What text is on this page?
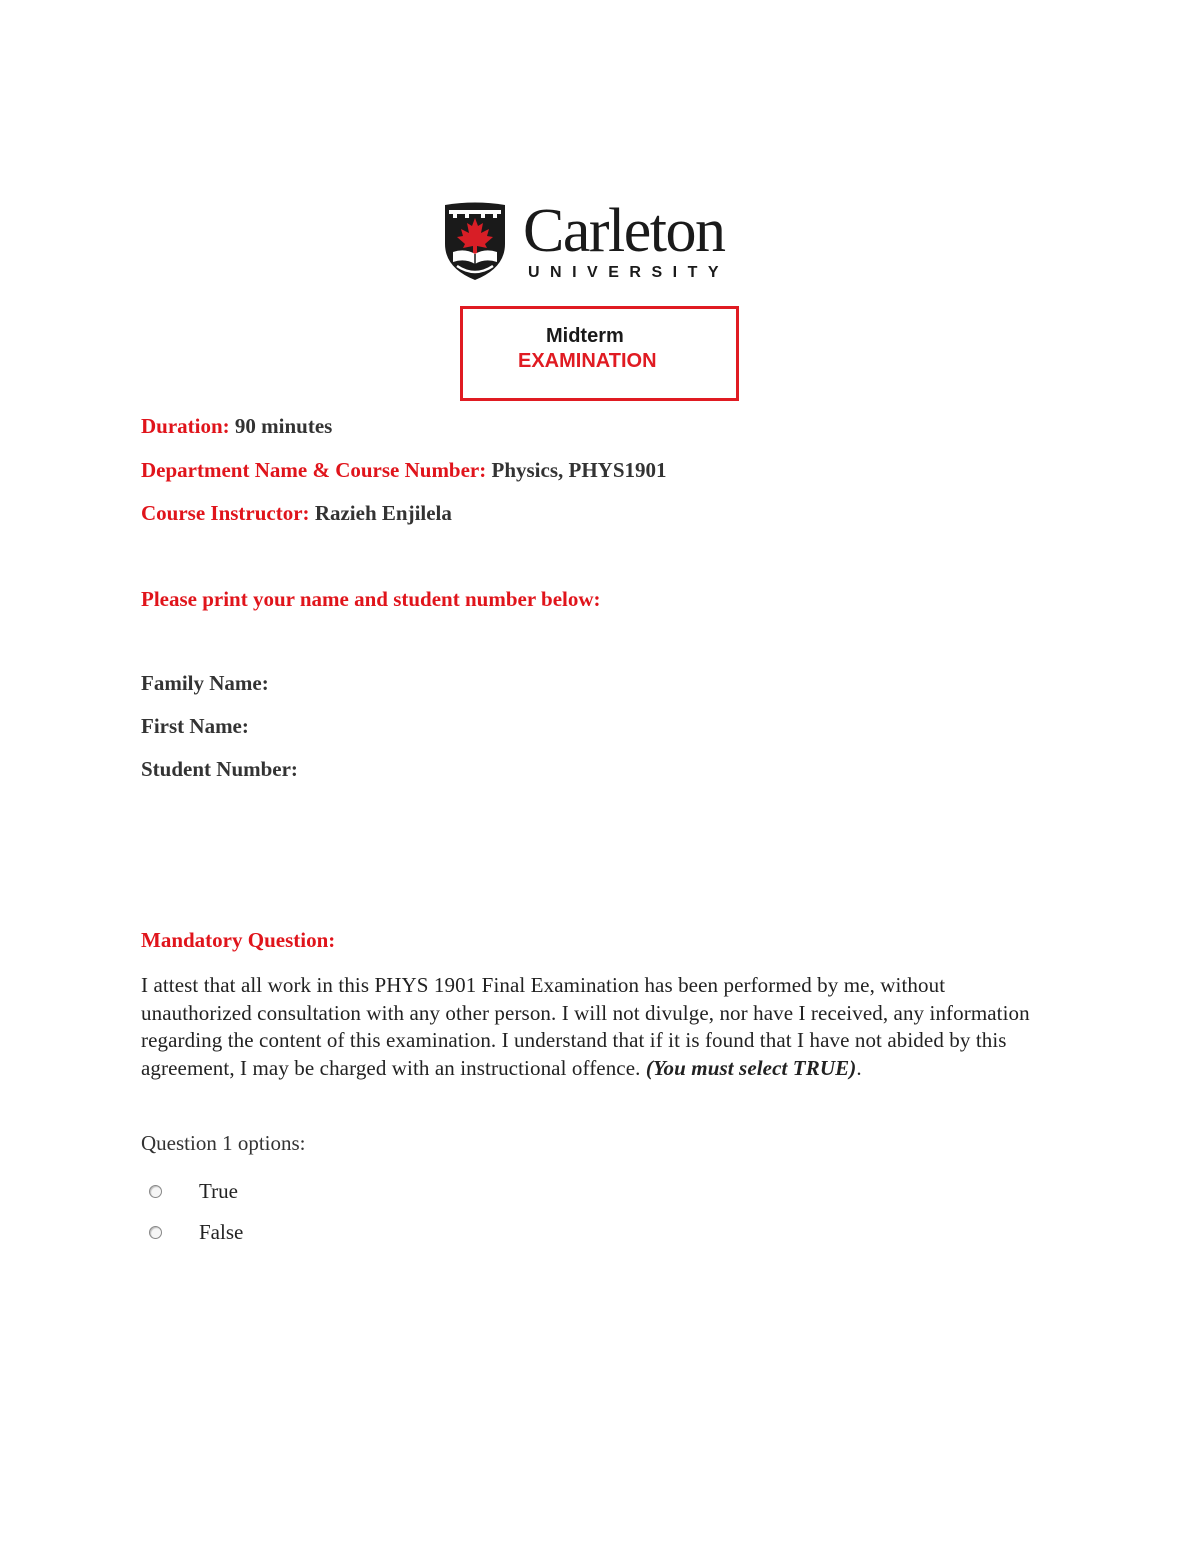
Carleton
UNIVERSITY
Midterm
EXAMINATION
Duration: 90 minutes
Department Name & Course Number: Physics, PHYS1901
Course Instructor: Razieh Enjilela
Please print your name and student number below:
Family Name:
First Name:
Student Number:
Mandatory Question:
I attest that all work in this PHYS 1901 Final Examination has been performed by me, without unauthorized consultation with any other person. I will not divulge, nor have I received, any information regarding the content of this examination. I understand that if it is found that I have not abided by this agreement, I may be charged with an instructional offence. (You must select TRUE).
Question 1 options:
True
False
